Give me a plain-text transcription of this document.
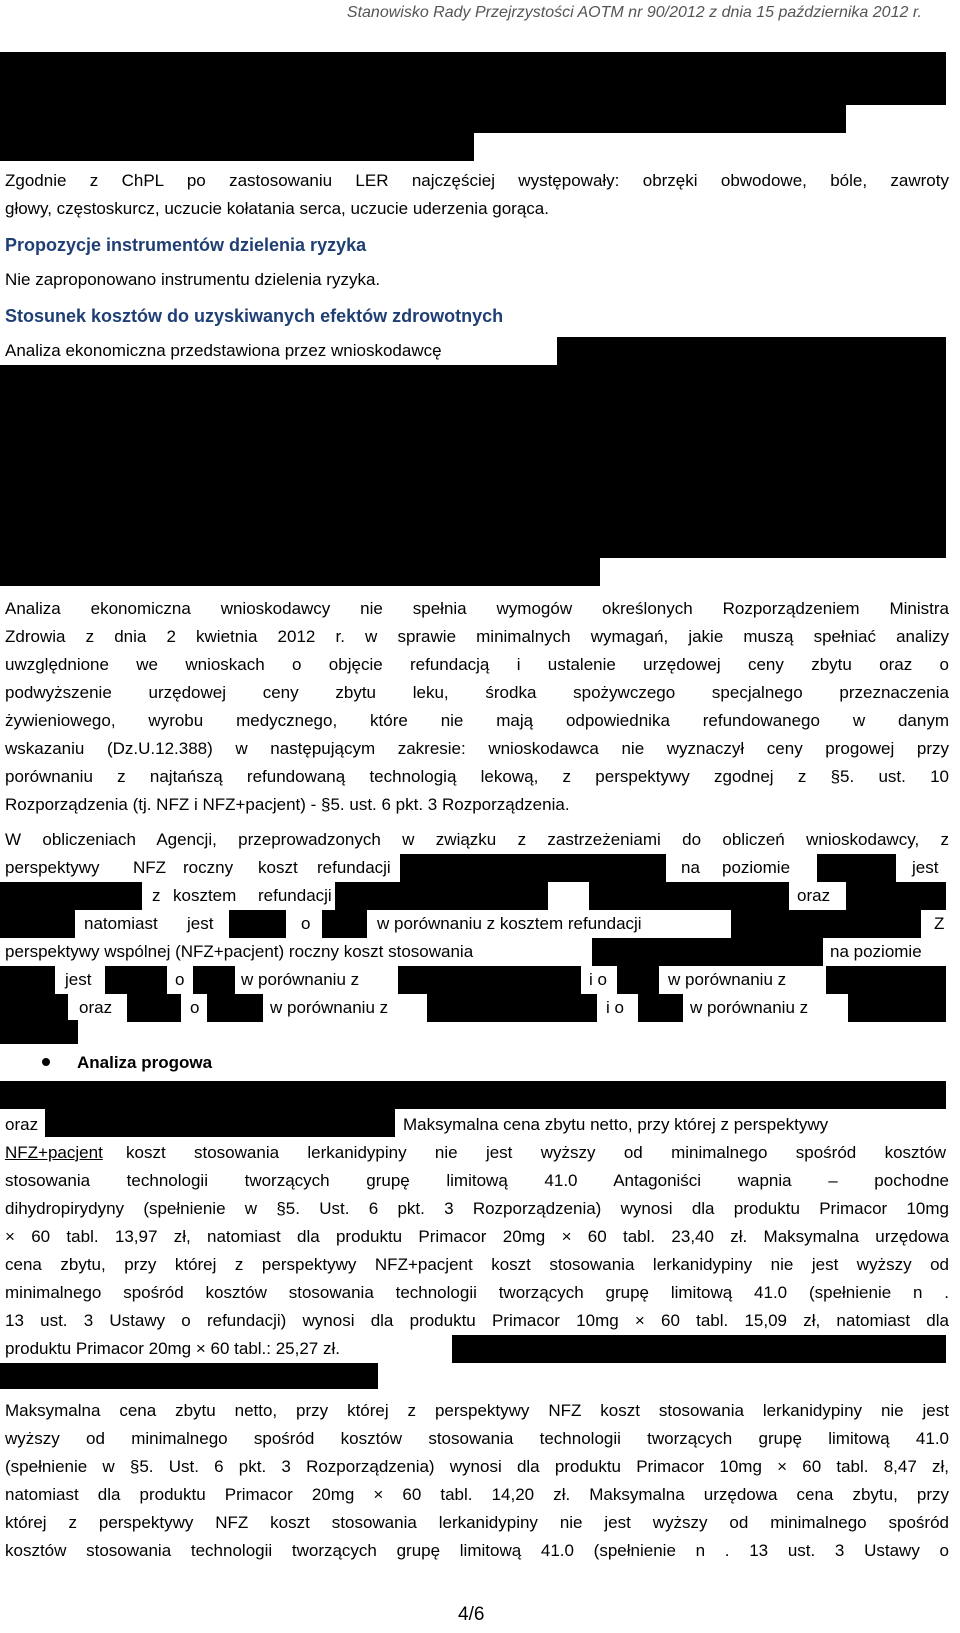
Stanowisko Rady Przejrzystości AOTM nr 90/2012 z dnia 15 października 2012 r.
Zgodnie z ChPL po zastosowaniu LER najczęściej występowały: obrzęki obwodowe, bóle, zawroty
głowy, częstoskurcz, uczucie kołatania serca, uczucie uderzenia gorąca.
Propozycje instrumentów dzielenia ryzyka
Nie zaproponowano instrumentu dzielenia ryzyka.
Stosunek kosztów do uzyskiwanych efektów zdrowotnych
Analiza ekonomiczna przedstawiona przez wnioskodawcę
Analiza ekonomiczna wnioskodawcy nie spełnia wymogów określonych Rozporządzeniem Ministra
Zdrowia z dnia 2 kwietnia 2012 r. w sprawie minimalnych wymagań, jakie muszą spełniać analizy
uwzględnione we wnioskach o objęcie refundacją i ustalenie urzędowej ceny zbytu oraz o
podwyższenie urzędowej ceny zbytu leku, środka spożywczego specjalnego przeznaczenia
żywieniowego, wyrobu medycznego, które nie mają odpowiednika refundowanego w danym
wskazaniu (Dz.U.12.388) w następującym zakresie: wnioskodawca nie wyznaczył ceny progowej przy
porównaniu z najtańszą refundowaną technologią lekową, z perspektywy zgodnej z §5. ust. 10
Rozporządzenia (tj. NFZ i NFZ+pacjent) - §5. ust. 6 pkt. 3 Rozporządzenia.
W obliczeniach Agencji, przeprowadzonych w związku z zastrzeżeniami do obliczeń wnioskodawcy, z
perspektywy NFZ roczny koszt refundacji	na poziomie	jest
z kosztem refundacji	oraz
natomiast jest	o	w porównaniu z kosztem refundacji	Z
perspektywy wspólnej (NFZ+pacjent) roczny koszt stosowania	na poziomie
jest	o	w porównaniu z	i o	w porównaniu z
oraz	o	w porównaniu z	i o	w porównaniu z
Analiza progowa
oraz	Maksymalna cena zbytu netto, przy której z perspektywy
NFZ+pacjent koszt stosowania lerkanidypiny nie jest wyższy od minimalnego spośród kosztów
stosowania technologii tworzących grupę limitową 41.0 Antagoniści wapnia – pochodne
dihydropirydyny (spełnienie w §5. Ust. 6 pkt. 3 Rozporządzenia) wynosi dla produktu Primacor 10mg
× 60 tabl. 13,97 zł, natomiast dla produktu Primacor 20mg × 60 tabl. 23,40 zł. Maksymalna urzędowa
cena zbytu, przy której z perspektywy NFZ+pacjent koszt stosowania lerkanidypiny nie jest wyższy od
minimalnego spośród kosztów stosowania technologii tworzących grupę limitową 41.0 (spełnienie n .
13 ust. 3 Ustawy o refundacji) wynosi dla produktu Primacor 10mg × 60 tabl. 15,09 zł, natomiast dla
produktu Primacor 20mg × 60 tabl.: 25,27 zł.
Maksymalna cena zbytu netto, przy której z perspektywy NFZ koszt stosowania lerkanidypiny nie jest
wyższy od minimalnego spośród kosztów stosowania technologii tworzących grupę limitową 41.0
(spełnienie w §5. Ust. 6 pkt. 3 Rozporządzenia) wynosi dla produktu Primacor 10mg × 60 tabl. 8,47 zł,
natomiast dla produktu Primacor 20mg × 60 tabl. 14,20 zł. Maksymalna urzędowa cena zbytu, przy
której z perspektywy NFZ koszt stosowania lerkanidypiny nie jest wyższy od minimalnego spośród
kosztów stosowania technologii tworzących grupę limitową 41.0 (spełnienie n . 13 ust. 3 Ustawy o
4/6
